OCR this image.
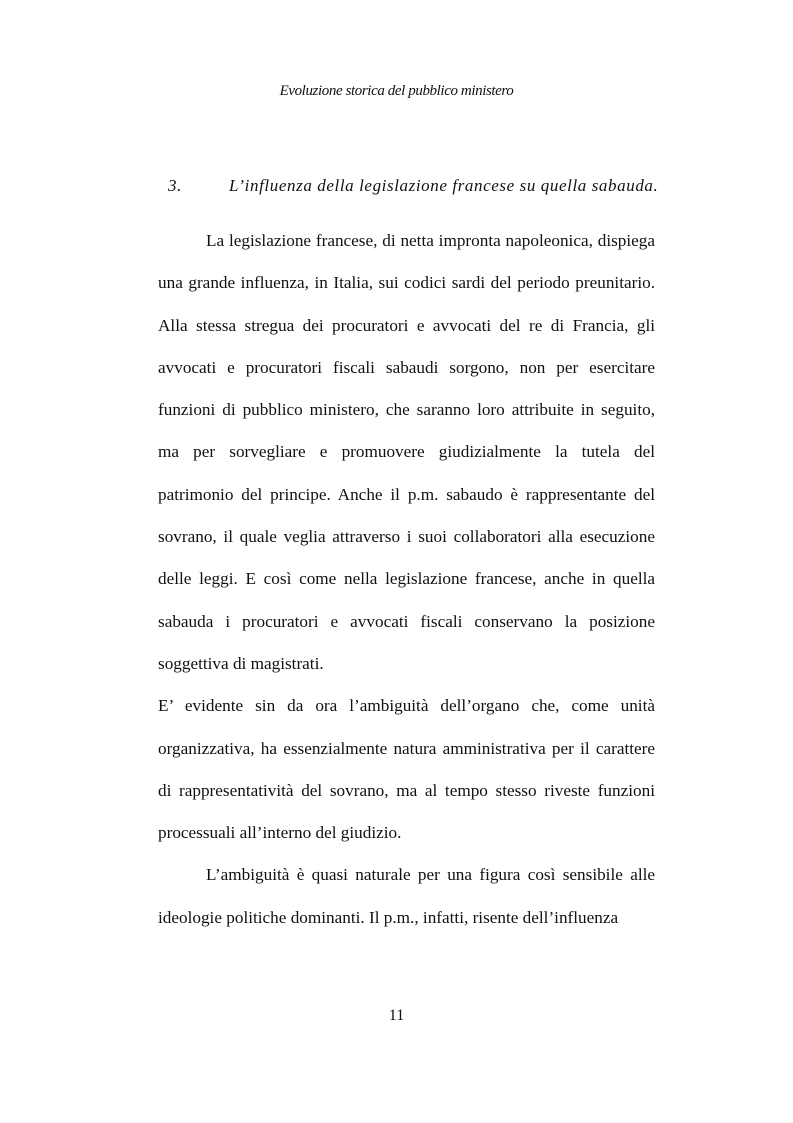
Evoluzione storica del pubblico ministero
3.	L’influenza della legislazione francese su quella sabauda.

La legislazione francese, di netta impronta napoleonica, dispiega una grande influenza, in Italia, sui codici sardi del periodo preunitario. Alla stessa stregua dei procuratori e avvocati del re di Francia, gli avvocati e procuratori fiscali sabaudi sorgono, non per esercitare funzioni di pubblico ministero, che saranno loro attribuite in seguito, ma per sorvegliare e promuovere giudizialmente la tutela del patrimonio del principe. Anche il p.m. sabaudo è rappresentante del sovrano, il quale veglia attraverso i suoi collaboratori alla esecuzione delle leggi. E così come nella legislazione francese, anche in quella sabauda i procuratori e avvocati fiscali conservano la posizione soggettiva di magistrati.

E’ evidente sin da ora l’ambiguità dell’organo che, come unità organizzativa, ha essenzialmente natura amministrativa per il carattere di rappresentatività del sovrano, ma al tempo stesso riveste funzioni processuali all’interno del giudizio.

L’ambiguità è quasi naturale per una figura così sensibile alle ideologie politiche dominanti. Il p.m., infatti, risente dell’influenza

11
